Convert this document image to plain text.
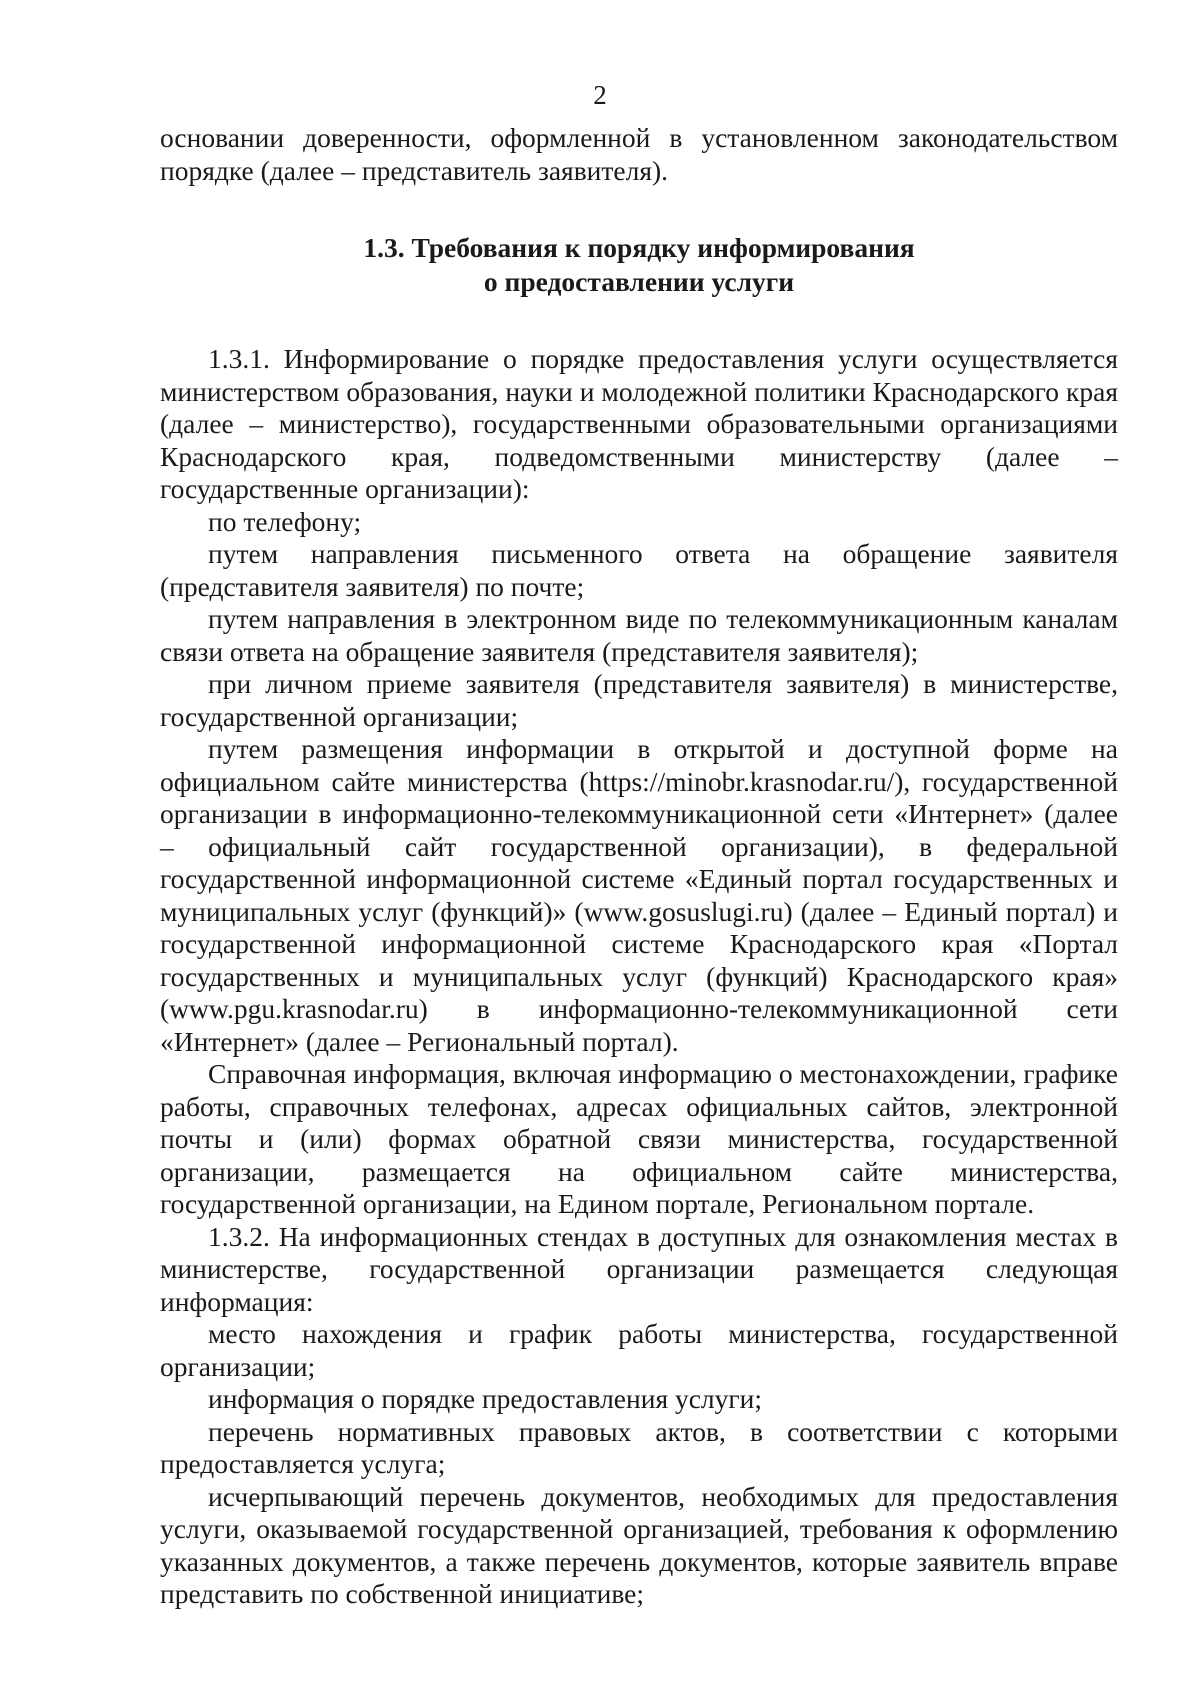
2

основании доверенности, оформленной в установленном законодательством порядке (далее – представитель заявителя).

1.3. Требования к порядку информирования
о предоставлении услуги

1.3.1. Информирование о порядке предоставления услуги осуществляется министерством образования, науки и молодежной политики Краснодарского края (далее – министерство), государственными образовательными организациями Краснодарского края, подведомственными министерству (далее – государственные организации):

по телефону;

путем направления письменного ответа на обращение заявителя (представителя заявителя) по почте;

путем направления в электронном виде по телекоммуникационным каналам связи ответа на обращение заявителя (представителя заявителя);

при личном приеме заявителя (представителя заявителя) в министерстве, государственной организации;

путем размещения информации в открытой и доступной форме на официальном сайте министерства (https://minobr.krasnodar.ru/), государственной организации в информационно-телекоммуникационной сети «Интернет» (далее – официальный сайт государственной организации), в федеральной государственной информационной системе «Единый портал государственных и муниципальных услуг (функций)» (www.gosuslugi.ru) (далее – Единый портал) и государственной информационной системе Краснодарского края «Портал государственных и муниципальных услуг (функций) Краснодарского края» (www.pgu.krasnodar.ru) в информационно-телекоммуникационной сети «Интернет» (далее – Региональный портал).

Справочная информация, включая информацию о местонахождении, графике работы, справочных телефонах, адресах официальных сайтов, электронной почты и (или) формах обратной связи министерства, государственной организации, размещается на официальном сайте министерства, государственной организации, на Едином портале, Региональном портале.

1.3.2. На информационных стендах в доступных для ознакомления местах в министерстве, государственной организации размещается следующая информация:

место нахождения и график работы министерства, государственной организации;

информация о порядке предоставления услуги;

перечень нормативных правовых актов, в соответствии с которыми предоставляется услуга;

исчерпывающий перечень документов, необходимых для предоставления услуги, оказываемой государственной организацией, требования к оформлению указанных документов, а также перечень документов, которые заявитель вправе представить по собственной инициативе;
